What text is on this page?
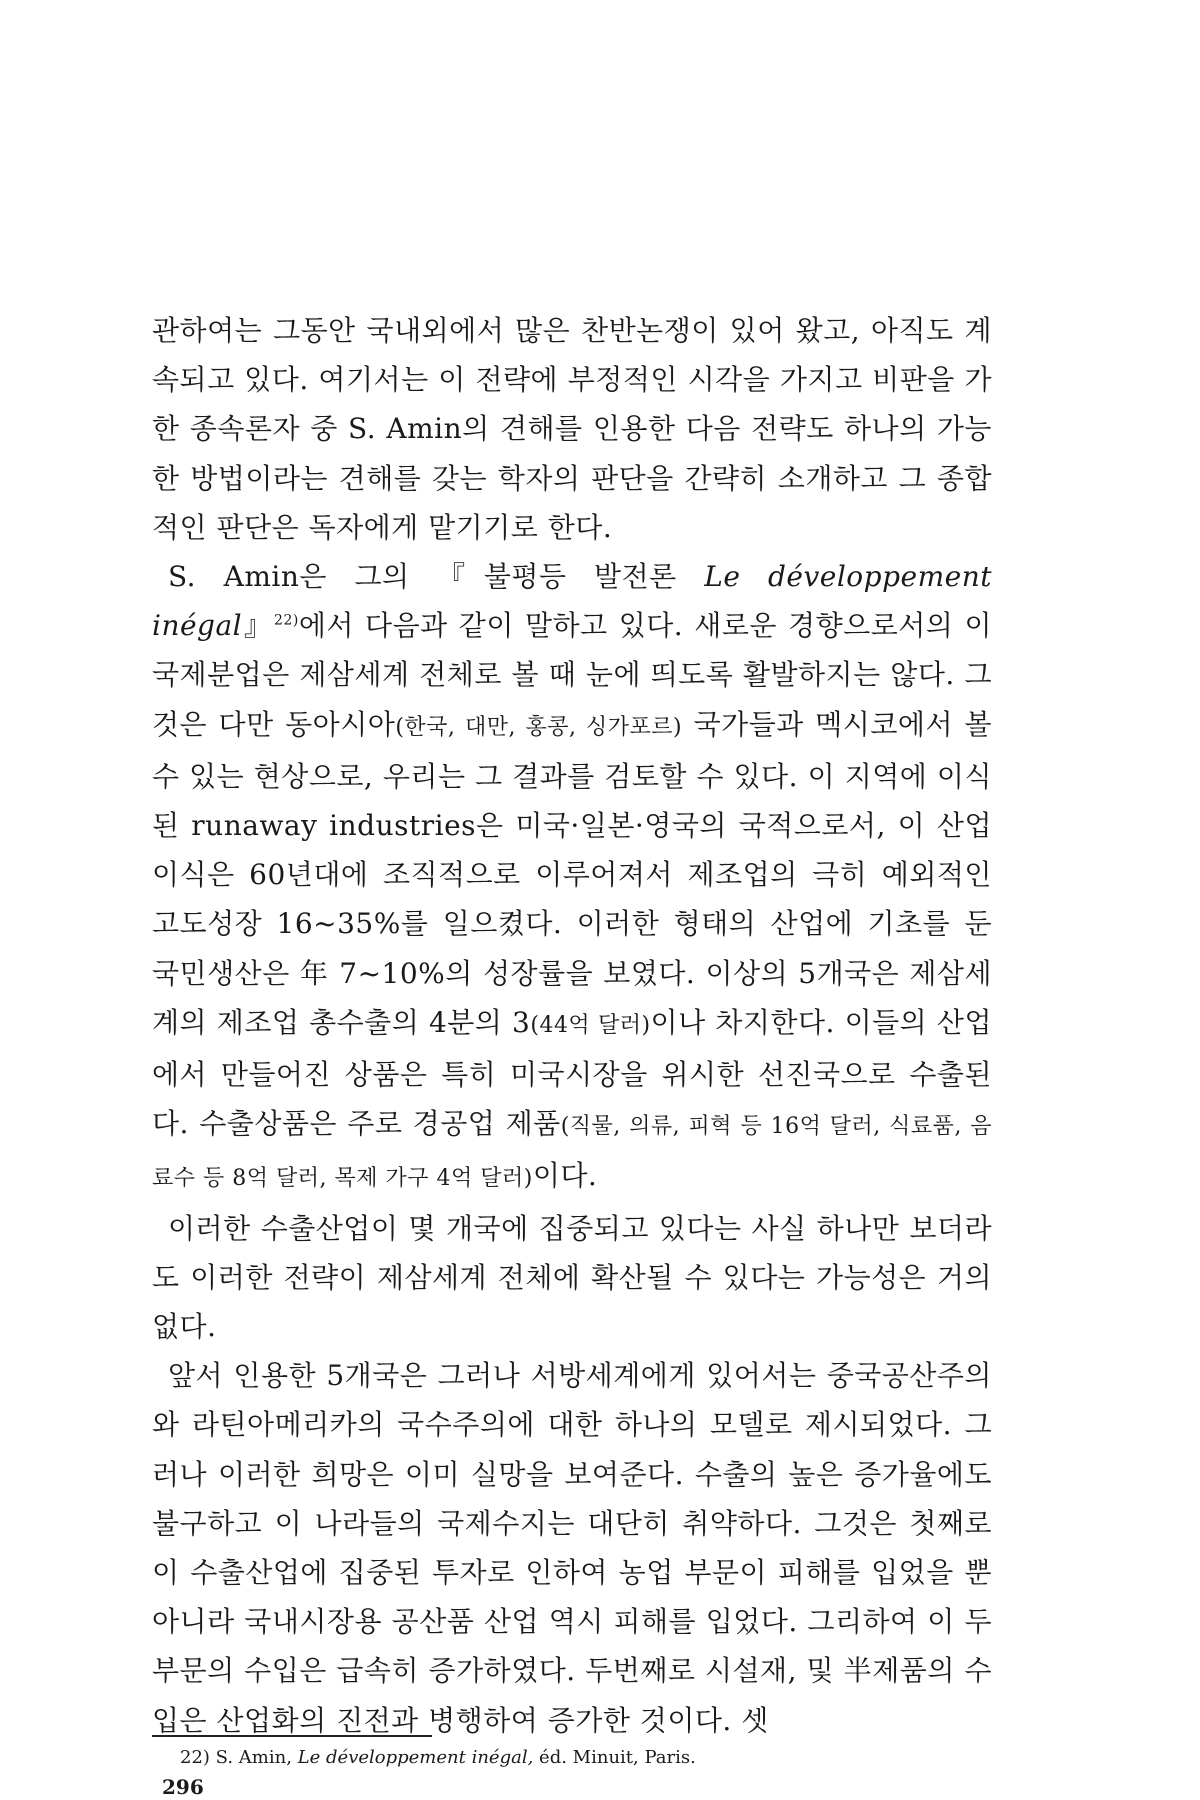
관하여는 그동안 국내외에서 많은 찬반논쟁이 있어 왔고, 아직도 계속되고 있다. 여기서는 이 전략에 부정적인 시각을 가지고 비판을 가한 종속론자 중 S. Amin의 견해를 인용한 다음 전략도 하나의 가능한 방법이라는 견해를 갖는 학자의 판단을 간략히 소개하고 그 종합적인 판단은 독자에게 맡기기로 한다.

S. Amin은 그의 『불평등 발전론 Le développement inégal』$^{22)}$에서 다음과 같이 말하고 있다. 새로운 경향으로서의 이 국제분업은 제삼세계 전체로 볼 때 눈에 띄도록 활발하지는 않다. 그것은 다만 동아시아(한국, 대만, 홍콩, 싱가포르) 국가들과 멕시코에서 볼 수 있는 현상으로, 우리는 그 결과를 검토할 수 있다. 이 지역에 이식된 runaway industries은 미국·일본·영국의 국적으로서, 이 산업이식은 60년대에 조직적으로 이루어져서 제조업의 극히 예외적인 고도성장 16~35%를 일으켰다. 이러한 형태의 산업에 기초를 둔 국민생산은 年 7~10%의 성장률을 보였다. 이상의 5개국은 제삼세계의 제조업 총수출의 4분의 3(44억 달러)이나 차지한다. 이들의 산업에서 만들어진 상품은 특히 미국시장을 위시한 선진국으로 수출된다. 수출상품은 주로 경공업 제품(직물, 의류, 피혁 등 16억 달러, 식료품, 음료수 등 8억 달러, 목제 가구 4억 달러)이다.

이러한 수출산업이 몇 개국에 집중되고 있다는 사실 하나만 보더라도 이러한 전략이 제삼세계 전체에 확산될 수 있다는 가능성은 거의 없다.

앞서 인용한 5개국은 그러나 서방세계에게 있어서는 중국공산주의와 라틴아메리카의 국수주의에 대한 하나의 모델로 제시되었다. 그러나 이러한 희망은 이미 실망을 보여준다. 수출의 높은 증가율에도 불구하고 이 나라들의 국제수지는 대단히 취약하다. 그것은 첫째로 이 수출산업에 집중된 투자로 인하여 농업 부문이 피해를 입었을 뿐 아니라 국내시장용 공산품 산업 역시 피해를 입었다. 그리하여 이 두 부문의 수입은 급속히 증가하였다. 두번째로 시설재, 및 半제품의 수입은 산업화의 진전과 병행하여 증가한 것이다. 셋

22) S. Amin, Le développement inégal, éd. Minuit, Paris.
296
